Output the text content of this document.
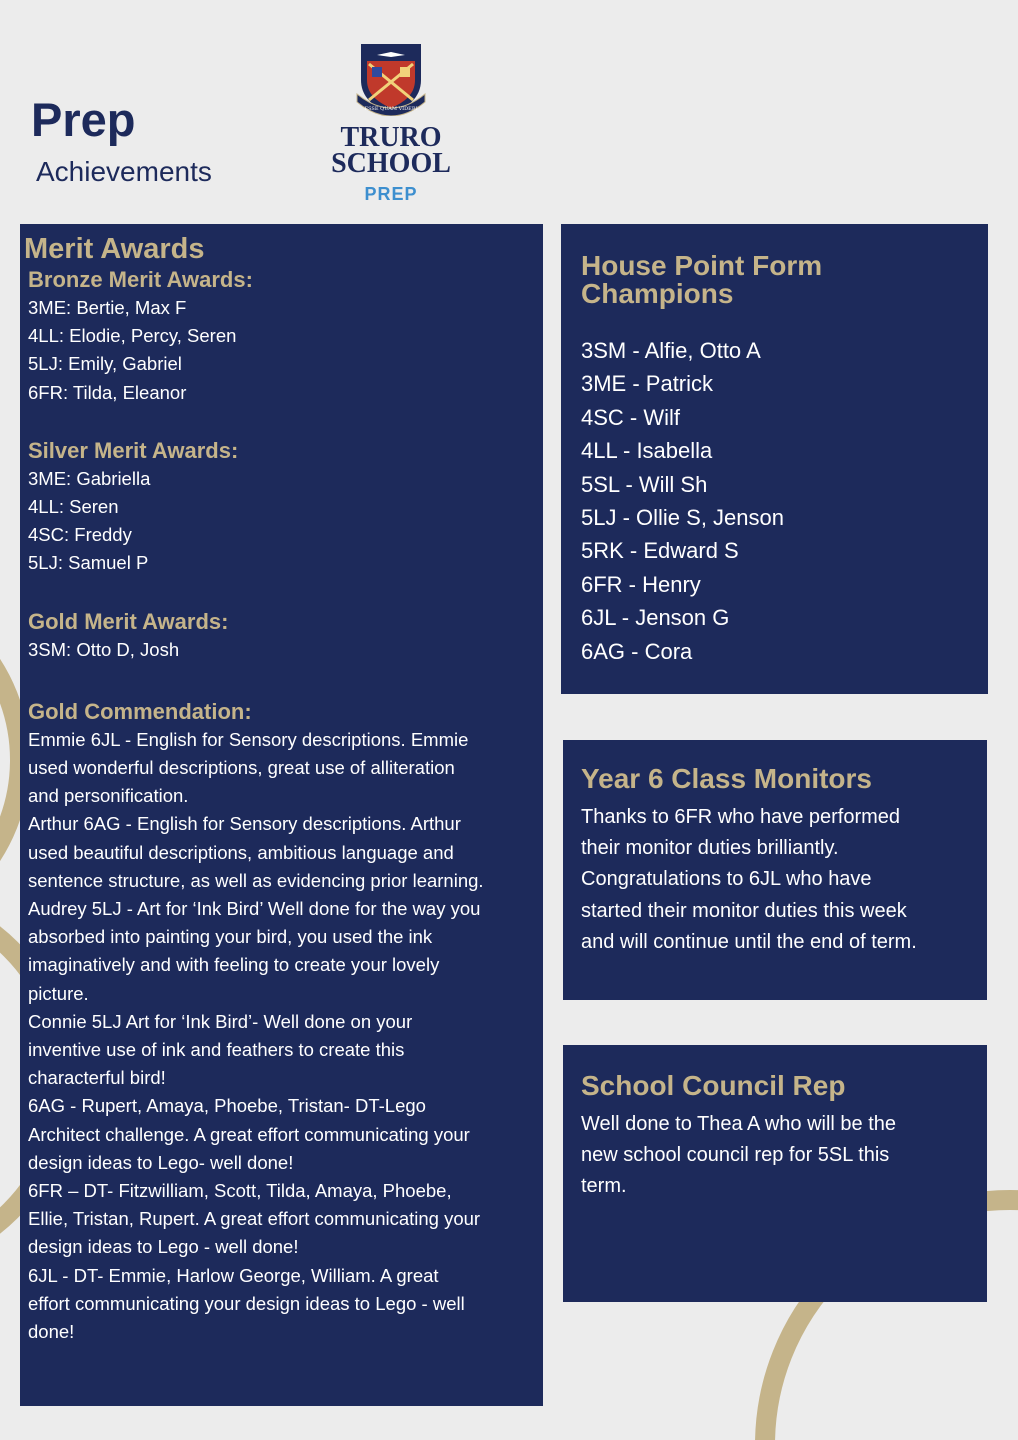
Prep
Achievements
ESSE QUAM VIDERI
TRURO
SCHOOL
PREP
Merit Awards
Bronze Merit Awards:
3ME: Bertie, Max F
4LL: Elodie, Percy, Seren
5LJ: Emily, Gabriel
6FR: Tilda, Eleanor
Silver Merit Awards:
3ME: Gabriella
4LL: Seren
4SC: Freddy
5LJ: Samuel P
Gold Merit Awards:
3SM: Otto D, Josh
Gold Commendation:
Emmie 6JL - English for Sensory descriptions. Emmie
used wonderful descriptions, great use of alliteration
and personification.
Arthur 6AG - English for Sensory descriptions. Arthur
used beautiful descriptions, ambitious language and
sentence structure, as well as evidencing prior learning.
Audrey 5LJ - Art for ‘Ink Bird’ Well done for the way you
absorbed into painting your bird, you used the ink
imaginatively and with feeling to create your lovely
picture.
Connie 5LJ Art for ‘Ink Bird’- Well done on your
inventive use of ink and feathers to create this
characterful bird!
6AG - Rupert, Amaya, Phoebe, Tristan- DT-Lego
Architect challenge. A great effort communicating your
design ideas to Lego- well done!
6FR – DT- Fitzwilliam, Scott, Tilda, Amaya, Phoebe,
Ellie, Tristan, Rupert. A great effort communicating your
design ideas to Lego - well done!
6JL - DT- Emmie, Harlow George, William. A great
effort communicating your design ideas to Lego - well
done!
House Point Form
Champions
3SM - Alfie, Otto A
3ME - Patrick
4SC - Wilf
4LL - Isabella
5SL - Will Sh
5LJ - Ollie S, Jenson
5RK - Edward S
6FR - Henry
6JL - Jenson G
6AG - Cora
Year 6 Class Monitors

Thanks to 6FR who have performed

their monitor duties brilliantly.

Congratulations to 6JL who have

started their monitor duties this week

and will continue until the end of term.

School Council Rep

Well done to Thea A who will be the

new school council rep for 5SL this

term.
